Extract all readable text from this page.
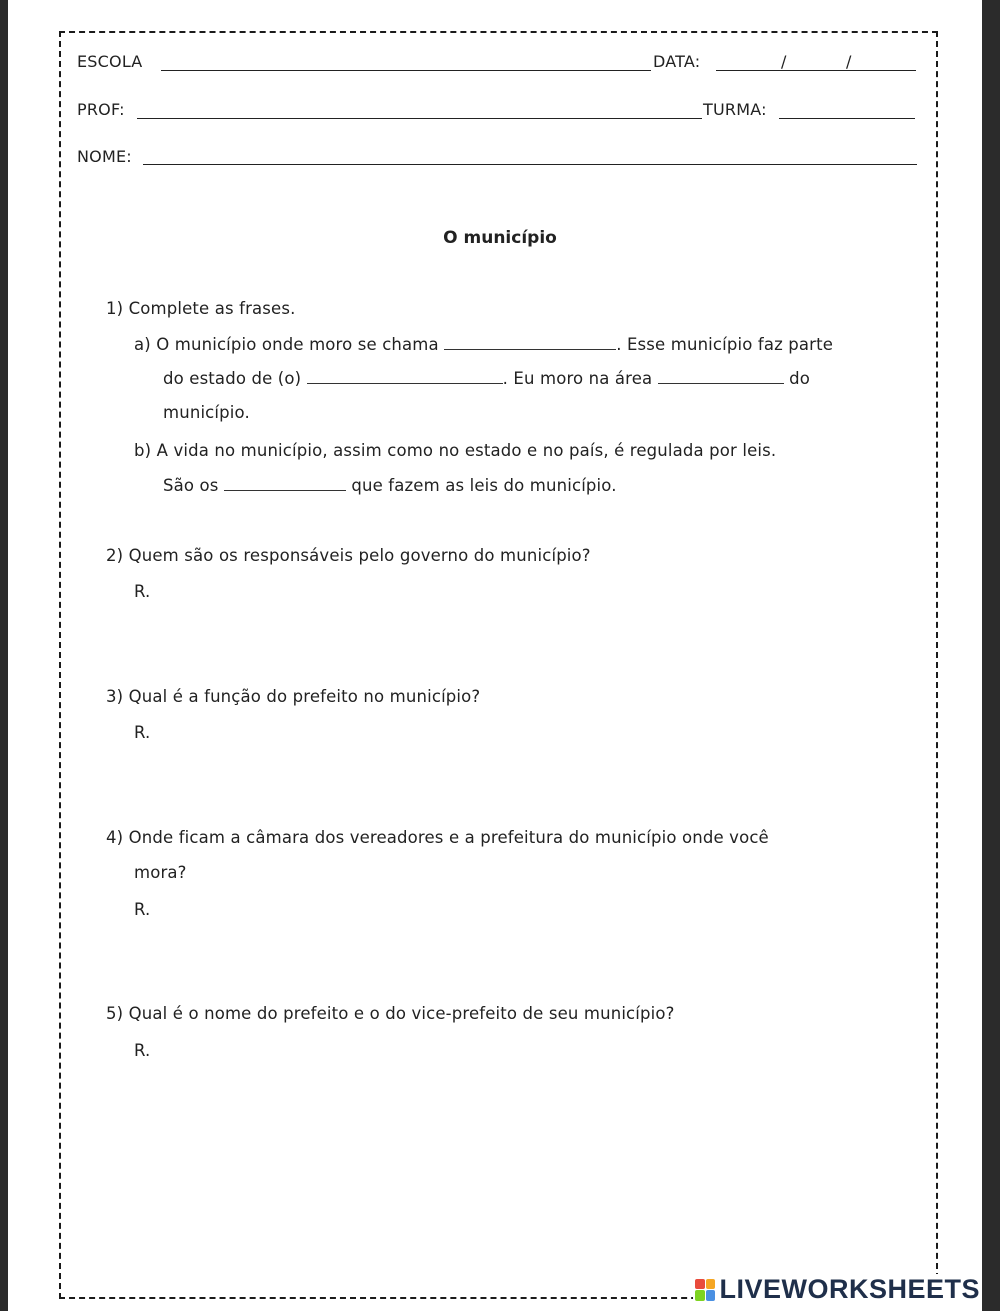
ESCOLA	DATA:	/	/
PROF:	TURMA:
NOME:
O município
1) Complete as frases.
a) O município onde moro se chama	. Esse município faz parte
do estado de (o)	. Eu moro na área	do
município.
b) A vida no município, assim como no estado e no país, é regulada por leis.
São os	que fazem as leis do município.
2) Quem são os responsáveis pelo governo do município?
R.
3) Qual é a função do prefeito no município?
R.
4) Onde ficam a câmara dos vereadores e a prefeitura do município onde você
mora?
R.
5) Qual é o nome do prefeito e o do vice-prefeito de seu município?
R.
LIVEWORKSHEETS
